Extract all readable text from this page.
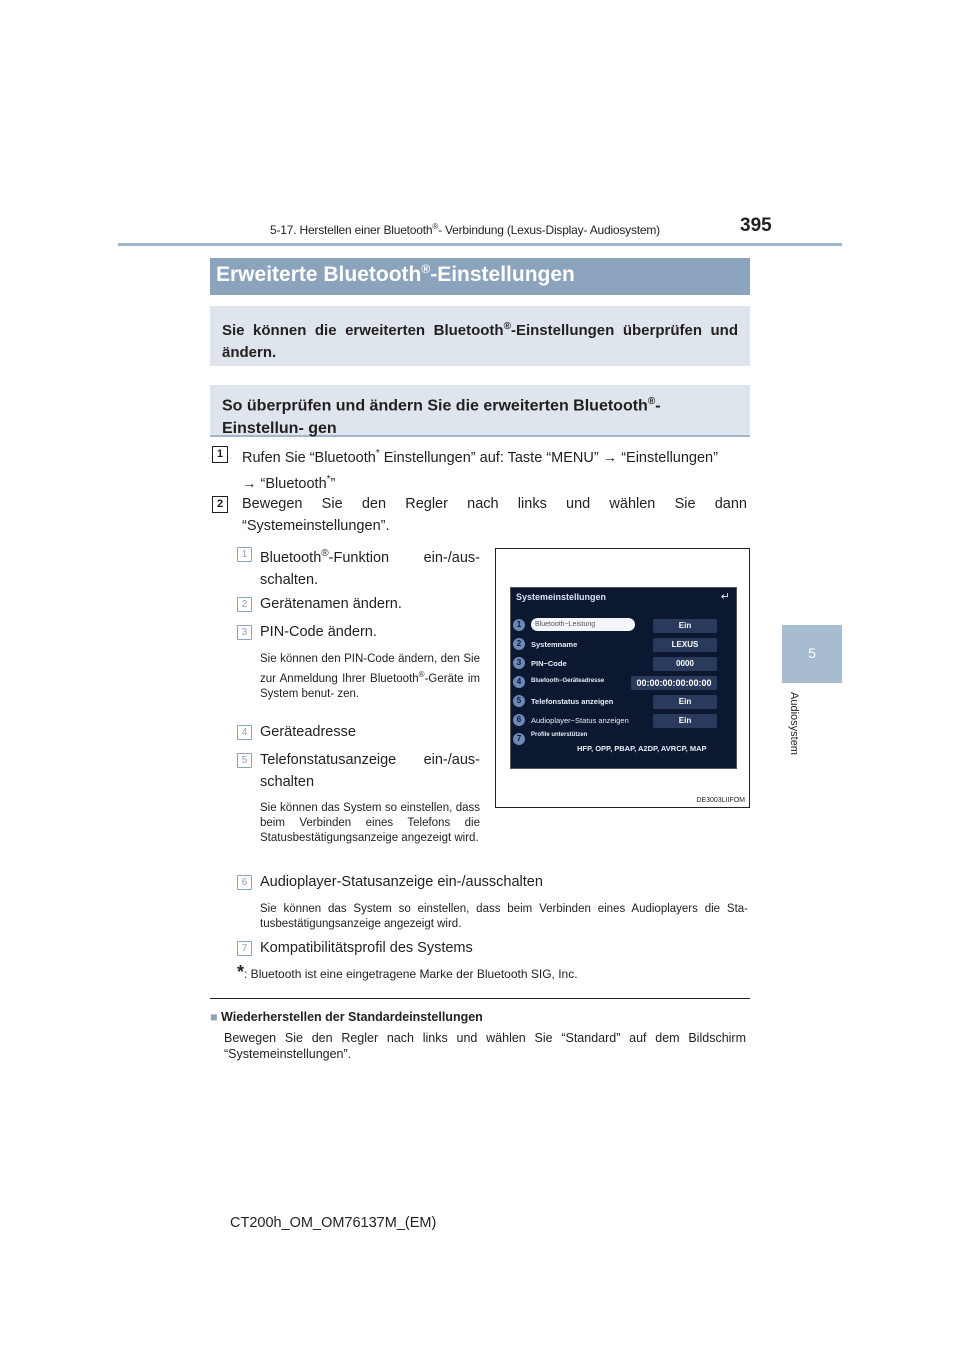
5-17. Herstellen einer Bluetooth®- Verbindung (Lexus-Display- Audiosystem)	395
5
Audiosystem
Erweiterte Bluetooth®-Einstellungen
Sie können die erweiterten Bluetooth®-Einstellungen überprüfen und ändern.
So überprüfen und ändern Sie die erweiterten Bluetooth®-Einstellun- gen
1	Rufen Sie “Bluetooth* Einstellungen” auf: Taste “MENU” → “Einstellungen”
→ “Bluetooth*”
2	Bewegen Sie den Regler nach links und wählen Sie dann “Systemeinstellungen”.
1 Bluetooth®-Funktion ein-/aus- schalten.
2 Gerätenamen ändern.
3 PIN-Code ändern.
Sie können den PIN-Code ändern, den Sie zur Anmeldung Ihrer Bluetooth®-Geräte im System benut- zen.
4 Geräteadresse
5 Telefonstatusanzeige ein-/aus- schalten
Sie können das System so einstellen, dass beim Verbinden eines Telefons die Statusbestätigungsanzeige angezeigt wird.
Systemeinstellungen	↵
1	Bluetooth−Leistung	Ein
2	Systemname	LEXUS
3	PIN−Code	0000
4	Bluetooth−Geräteadresse	00:00:00:00:00:00
5	Telefonstatus anzeigen	Ein
6	Audioplayer−Status anzeigen	Ein
7	Profile unterstützen
HFP, OPP, PBAP, A2DP, AVRCP, MAP
DE3003LIIFOM
6 Audioplayer-Statusanzeige ein-/ausschalten
Sie können das System so einstellen, dass beim Verbinden eines Audioplayers die Sta- tusbestätigungsanzeige angezeigt wird.
7 Kompatibilitätsprofil des Systems
*: Bluetooth ist eine eingetragene Marke der Bluetooth SIG, Inc.
■ Wiederherstellen der Standardeinstellungen
Bewegen Sie den Regler nach links und wählen Sie “Standard” auf dem Bildschirm “Systemeinstellungen”.
CT200h_OM_OM76137M_(EM)
